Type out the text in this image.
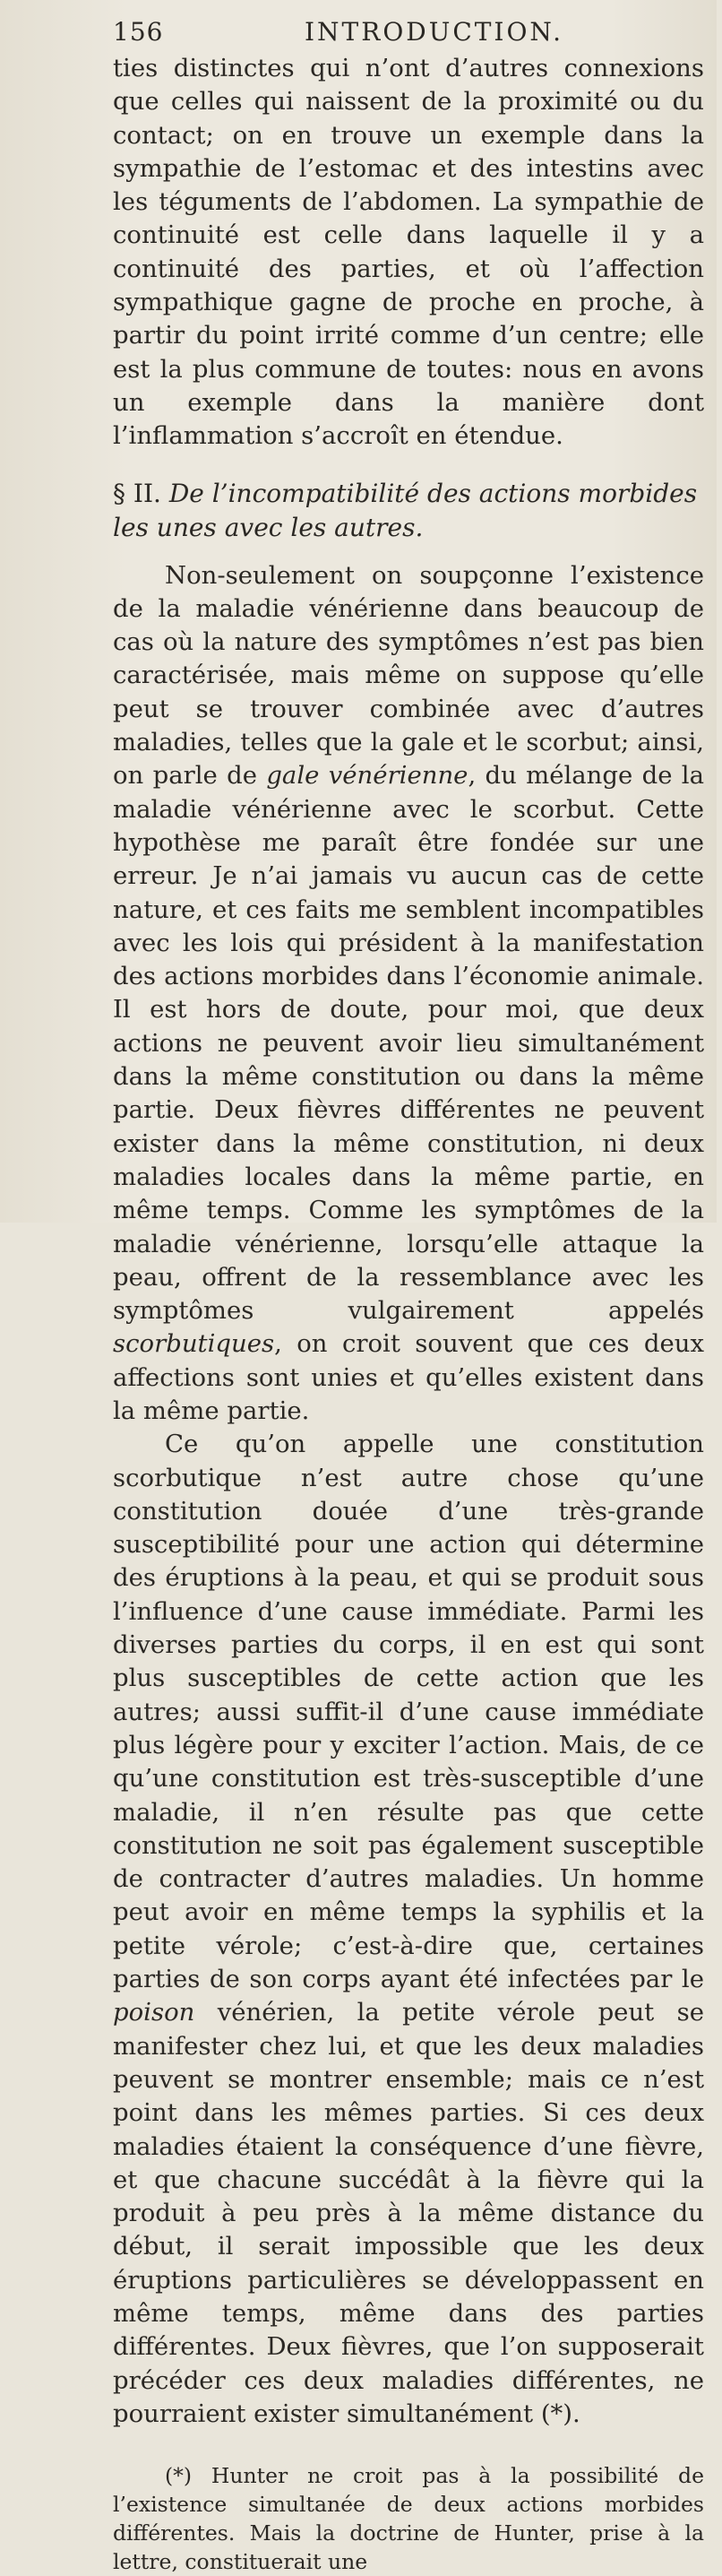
156	INTRODUCTION.

ties distinctes qui n’ont d’autres connexions que celles qui naissent de la proximité ou du contact; on en trouve un exemple dans la sympathie de l’estomac et des intestins avec les téguments de l’abdomen. La sympathie de continuité est celle dans laquelle il y a continuité des parties, et où l’affection sympathique gagne de proche en proche, à partir du point irrité comme d’un centre; elle est la plus commune de toutes: nous en avons un exemple dans la manière dont l’inflammation s’accroît en étendue.

§ II. De l’incompatibilité des actions morbides les unes avec les autres.

Non-seulement on soupçonne l’existence de la maladie vénérienne dans beaucoup de cas où la nature des symptômes n’est pas bien caractérisée, mais même on suppose qu’elle peut se trouver combinée avec d’autres maladies, telles que la gale et le scorbut; ainsi, on parle de gale vénérienne, du mélange de la maladie vénérienne avec le scorbut. Cette hypothèse me paraît être fondée sur une erreur. Je n’ai jamais vu aucun cas de cette nature, et ces faits me semblent incompatibles avec les lois qui président à la manifestation des actions morbides dans l’économie animale. Il est hors de doute, pour moi, que deux actions ne peuvent avoir lieu simultanément dans la même constitution ou dans la même partie. Deux fièvres différentes ne peuvent exister dans la même constitution, ni deux maladies locales dans la même partie, en même temps. Comme les symptômes de la maladie vénérienne, lorsqu’elle attaque la peau, offrent de la ressemblance avec les symptômes vulgairement appelés scorbutiques, on croit souvent que ces deux affections sont unies et qu’elles existent dans la même partie.

Ce qu’on appelle une constitution scorbutique n’est autre chose qu’une constitution douée d’une très-grande susceptibilité pour une action qui détermine des éruptions à la peau, et qui se produit sous l’influence d’une cause immédiate. Parmi les diverses parties du corps, il en est qui sont plus susceptibles de cette action que les autres; aussi suffit-il d’une cause immédiate plus légère pour y exciter l’action. Mais, de ce qu’une constitution est très-susceptible d’une maladie, il n’en résulte pas que cette constitution ne soit pas également susceptible de contracter d’autres maladies. Un homme peut avoir en même temps la syphilis et la petite vérole; c’est-à-dire que, certaines parties de son corps ayant été infectées par le poison vénérien, la petite vérole peut se manifester chez lui, et que les deux maladies peuvent se montrer ensemble; mais ce n’est point dans les mêmes parties. Si ces deux maladies étaient la conséquence d’une fièvre, et que chacune succédât à la fièvre qui la produit à peu près à la même distance du début, il serait impossible que les deux éruptions particulières se développassent en même temps, même dans des parties différentes. Deux fièvres, que l’on supposerait précéder ces deux maladies différentes, ne pourraient exister simultanément (*).

(*) Hunter ne croit pas à la possibilité de l’existence simultanée de deux actions morbides différentes. Mais la doctrine de Hunter, prise à la lettre, constituerait une
